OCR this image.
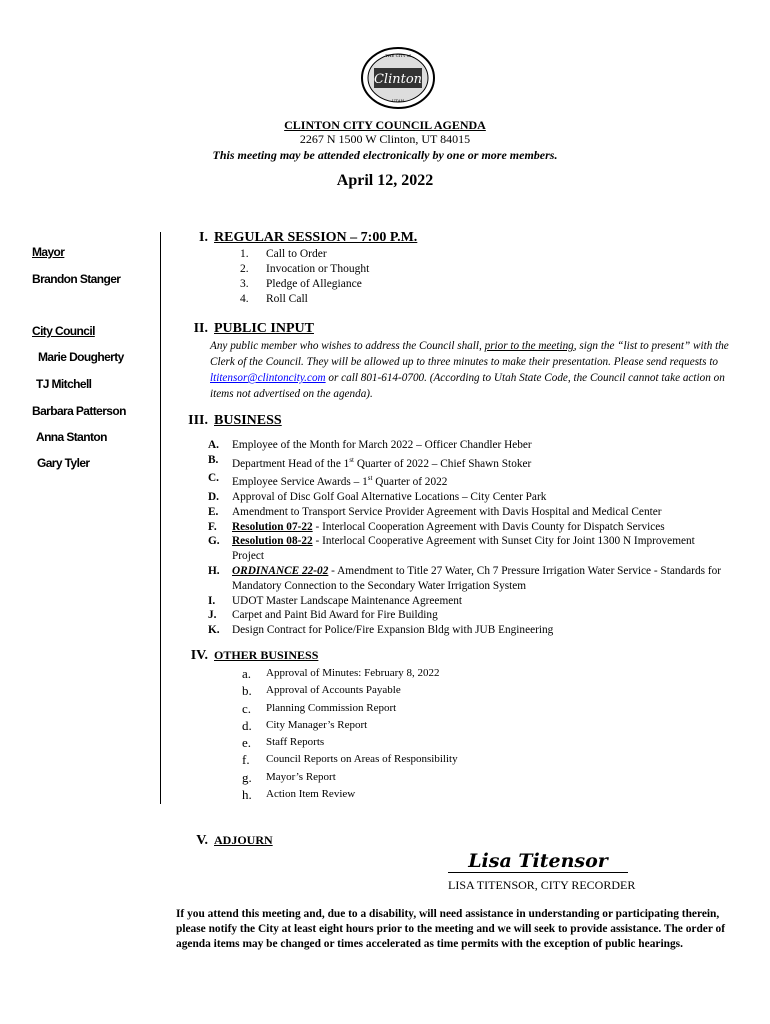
THE CITY of
Clinton
UTAH
CLINTON CITY COUNCIL AGENDA
2267 N 1500 W Clinton, UT 84015
This meeting may be attended electronically by one or more members.
April 12, 2022
Mayor
Brandon Stanger
City Council
Marie Dougherty
TJ Mitchell
Barbara Patterson
Anna Stanton
Gary Tyler
I. REGULAR SESSION – 7:00 P.M.
1.	Call to Order
2.	Invocation or Thought
3.	Pledge of Allegiance
4.	Roll Call
II. PUBLIC INPUT
Any public member who wishes to address the Council shall, prior to the meeting, sign the “list to present” with the Clerk of the Council. They will be allowed up to three minutes to make their presentation. Please send requests to ltitensor@clintoncity.com or call 801-614-0700. (According to Utah State Code, the Council cannot take action on items not advertised on the agenda).
III. BUSINESS
A.	Employee of the Month for March 2022 – Officer Chandler Heber
B.	Department Head of the 1st Quarter of 2022 – Chief Shawn Stoker
C.	Employee Service Awards – 1st Quarter of 2022
D.	Approval of Disc Golf Goal Alternative Locations – City Center Park
E.	Amendment to Transport Service Provider Agreement with Davis Hospital and Medical Center
F.	Resolution 07-22 - Interlocal Cooperation Agreement with Davis County for Dispatch Services
G.	Resolution 08-22 - Interlocal Cooperative Agreement with Sunset City for Joint 1300 N Improvement Project
H.	ORDINANCE 22-02 - Amendment to Title 27 Water, Ch 7 Pressure Irrigation Water Service - Standards for Mandatory Connection to the Secondary Water Irrigation System
I.	UDOT Master Landscape Maintenance Agreement
J.	Carpet and Paint Bid Award for Fire Building
K.	Design Contract for Police/Fire Expansion Bldg with JUB Engineering
IV. OTHER BUSINESS
a.	Approval of Minutes: February 8, 2022
b.	Approval of Accounts Payable
c.	Planning Commission Report
d.	City Manager’s Report
e.	Staff Reports
f.	Council Reports on Areas of Responsibility
g.	Mayor’s Report
h.	Action Item Review
V. ADJOURN
Lisa Titensor
LISA TITENSOR, CITY RECORDER
If you attend this meeting and, due to a disability, will need assistance in understanding or participating therein, please notify the City at least eight hours prior to the meeting and we will seek to provide assistance. The order of agenda items may be changed or times accelerated as time permits with the exception of public hearings.
